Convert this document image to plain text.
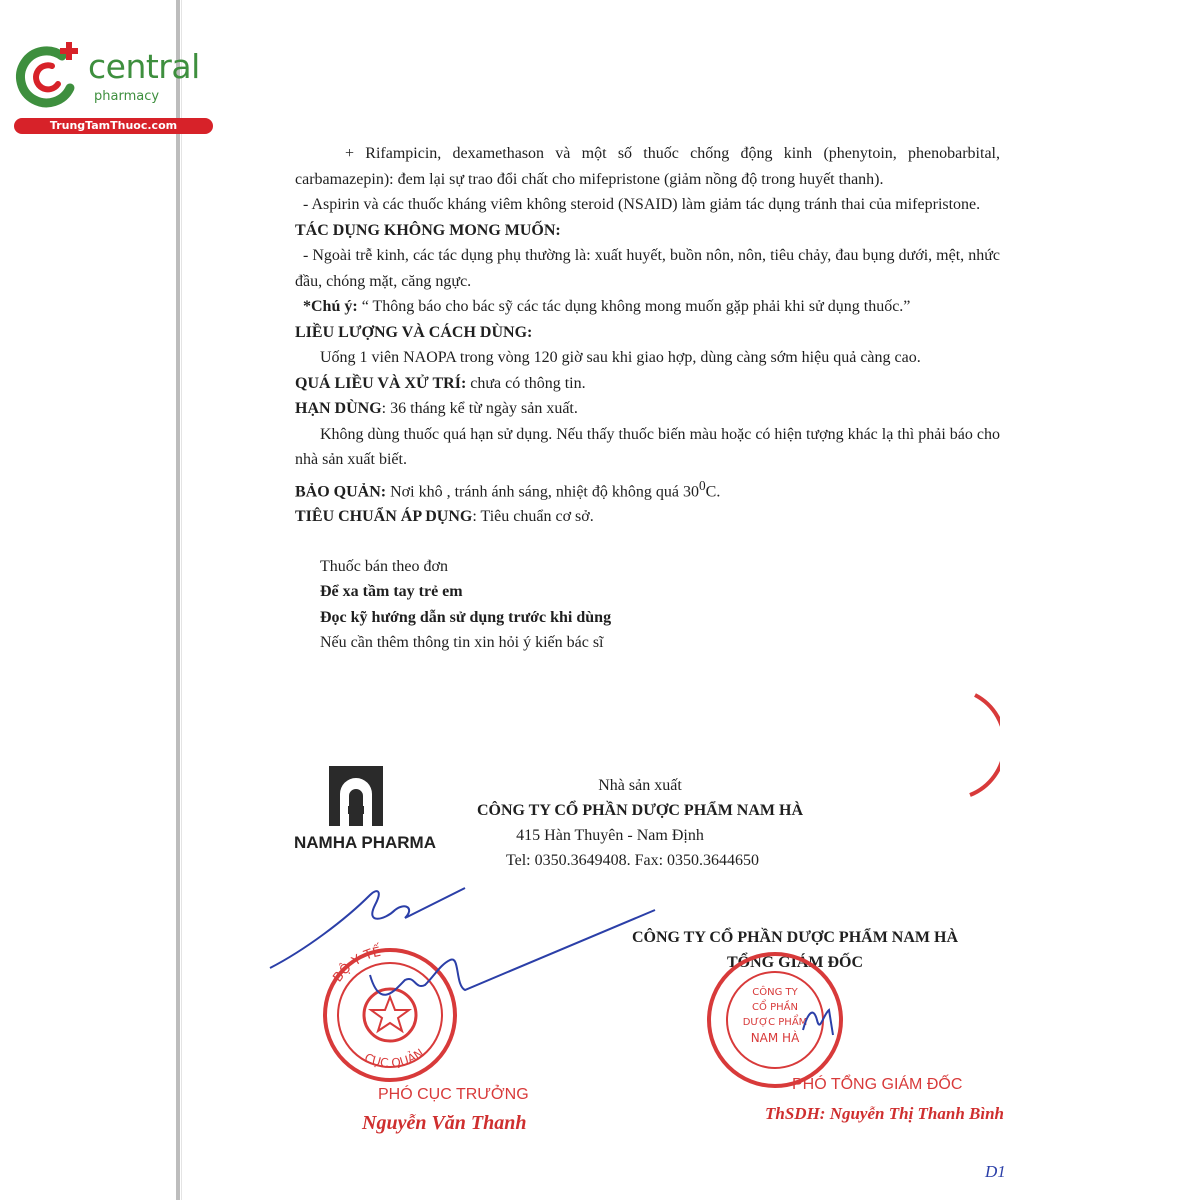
central
pharmacy
TrungTamThuoc.com

+ Rifampicin, dexamethason và một số thuốc chống động kinh (phenytoin, phenobarbital, carbamazepin): đem lại sự trao đổi chất cho mifepristone (giảm nồng độ trong huyết thanh).

- Aspirin và các thuốc kháng viêm không steroid (NSAID) làm giảm tác dụng tránh thai của mifepristone.

TÁC DỤNG KHÔNG MONG MUỐN:

- Ngoài trễ kinh, các tác dụng phụ thường là: xuất huyết, buồn nôn, nôn, tiêu chảy, đau bụng dưới, mệt, nhức đầu, chóng mặt, căng ngực.

*Chú ý: “ Thông báo cho bác sỹ các tác dụng không mong muốn gặp phải khi sử dụng thuốc.”

LIỀU LƯỢNG VÀ CÁCH DÙNG:

Uống 1 viên NAOPA trong vòng 120 giờ sau khi giao hợp, dùng càng sớm hiệu quả càng cao.

QUÁ LIỀU VÀ XỬ TRÍ: chưa có thông tin.

HẠN DÙNG: 36 tháng kể từ ngày sản xuất.

Không dùng thuốc quá hạn sử dụng. Nếu thấy thuốc biến màu hoặc có hiện tượng khác lạ thì phải báo cho nhà sản xuất biết.

BẢO QUẢN: Nơi khô , tránh ánh sáng, nhiệt độ không quá $30^0C$.

TIÊU CHUẨN ÁP DỤNG: Tiêu chuẩn cơ sở.

Thuốc bán theo đơn

Để xa tầm tay trẻ em

Đọc kỹ hướng dẫn sử dụng trước khi dùng

Nếu cần thêm thông tin xin hỏi ý kiến bác sĩ

NAMHA PHARMA
Nhà sản xuất
CÔNG TY CỔ PHẦN DƯỢC PHẨM NAM HÀ
415 Hàn Thuyên - Nam Định
Tel: 0350.3649408. Fax: 0350.3644650
CÔNG TY CỔ PHẦN DƯỢC PHẨM NAM HÀ
TỔNG GIÁM ĐỐC
BỘ Y TẾ
CỤC QUẢN
CÔNG TY
CỔ PHẦN
DƯỢC PHẨM
NAM HÀ
PHÓ CỤC TRƯỞNG
Nguyễn Văn Thanh
PHÓ TỔNG GIÁM ĐỐC
ThSDH: Nguyễn Thị Thanh Bình
D1
